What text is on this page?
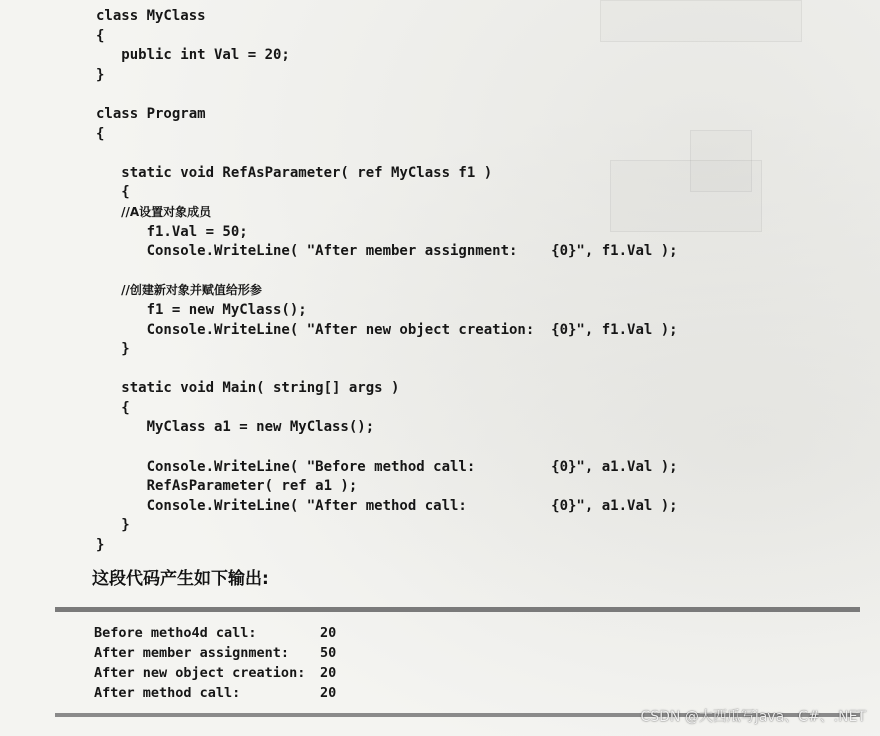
class MyClass
{
public int Val = 20;
}
class Program
{
static void RefAsParameter( ref MyClass f1 )
{
//A设置对象成员
f1.Val = 50;
Console.WriteLine( "After member assignment:    {0}", f1.Val );
//创建新对象并赋值给形参
f1 = new MyClass();
Console.WriteLine( "After new object creation:  {0}", f1.Val );
}
static void Main( string[] args )
{
MyClass a1 = new MyClass();
Console.WriteLine( "Before method call:         {0}", a1.Val );
RefAsParameter( ref a1 );
Console.WriteLine( "After method call:          {0}", a1.Val );
}
}

这段代码产生如下输出:

Before metho4d call:	20
After member assignment:	50
After new object creation:	20
After method call:	20
CSDN @大西瓜写java、C#、.NET
